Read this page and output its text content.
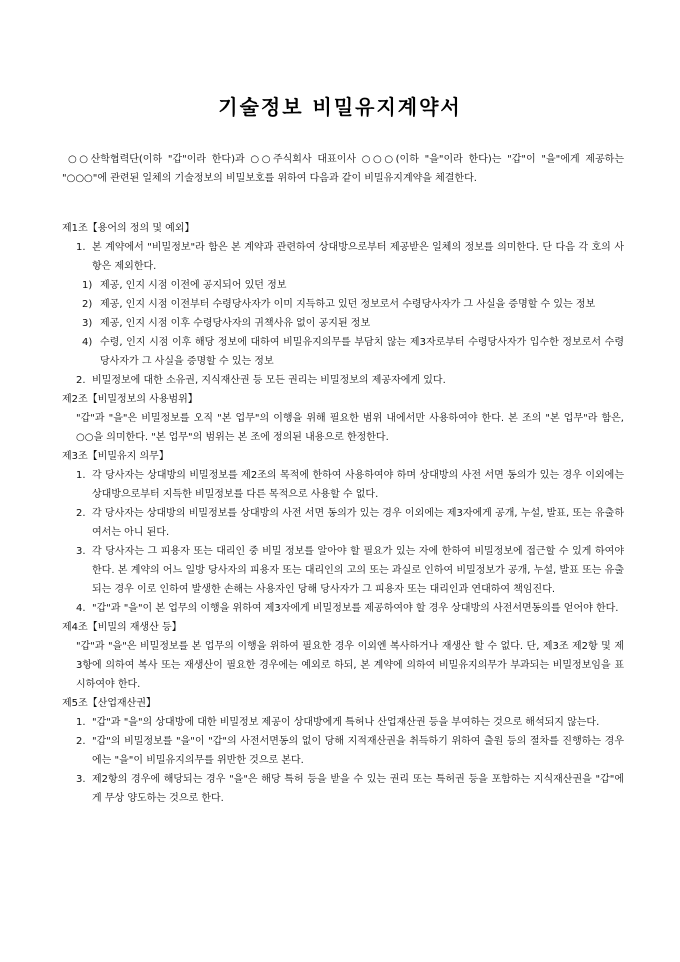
기술정보 비밀유지계약서
○○산학협력단(이하 "갑"이라 한다)과 ○○주식회사 대표이사 ○○○(이하 "을"이라 한다)는 "갑"이 "을"에게 제공하는 "○○○"에 관련된 일체의 기술정보의 비밀보호를 위하여 다음과 같이 비밀유지계약을 체결한다.
제1조【용어의 정의 및 예외】
1. 본 계약에서 "비밀정보"라 함은 본 계약과 관련하여 상대방으로부터 제공받은 일체의 정보를 의미한다. 단 다음 각 호의 사항은 제외한다.
1) 제공, 인지 시점 이전에 공지되어 있던 정보
2) 제공, 인지 시점 이전부터 수령당사자가 이미 지득하고 있던 정보로서 수령당사자가 그 사실을 증명할 수 있는 정보
3) 제공, 인지 시점 이후 수령당사자의 귀책사유 없이 공지된 정보
4) 수령, 인지 시점 이후 해당 정보에 대하여 비밀유지의무를 부담치 않는 제3자로부터 수령당사자가 입수한 정보로서 수령당사자가 그 사실을 증명할 수 있는 정보
2. 비밀정보에 대한 소유권, 지식재산권 등 모든 권리는 비밀정보의 제공자에게 있다.
제2조【비밀정보의 사용범위】
"갑"과 "을"은 비밀정보를 오직 "본 업무"의 이행을 위해 필요한 범위 내에서만 사용하여야 한다. 본 조의 "본 업무"라 함은, ○○을 의미한다. "본 업무"의 범위는 본 조에 정의된 내용으로 한정한다.
제3조【비밀유지 의무】
1. 각 당사자는 상대방의 비밀정보를 제2조의 목적에 한하여 사용하여야 하며 상대방의 사전 서면 동의가 있는 경우 이외에는 상대방으로부터 지득한 비밀정보를 다른 목적으로 사용할 수 없다.
2. 각 당사자는 상대방의 비밀정보를 상대방의 사전 서면 동의가 있는 경우 이외에는 제3자에게 공개, 누설, 발표, 또는 유출하여서는 아니 된다.
3. 각 당사자는 그 피용자 또는 대리인 중 비밀 정보를 알아야 할 필요가 있는 자에 한하여 비밀정보에 접근할 수 있게 하여야 한다. 본 계약의 어느 일방 당사자의 피용자 또는 대리인의 고의 또는 과실로 인하여 비밀정보가 공개, 누설, 발표 또는 유출되는 경우 이로 인하여 발생한 손해는 사용자인 당해 당사자가 그 피용자 또는 대리인과 연대하여 책임진다.
4. "갑"과 "을"이 본 업무의 이행을 위하여 제3자에게 비밀정보를 제공하여야 할 경우 상대방의 사전서면동의를 얻어야 한다.
제4조【비밀의 재생산 등】
"갑"과 "을"은 비밀정보를 본 업무의 이행을 위하여 필요한 경우 이외엔 복사하거나 재생산 할 수 없다. 단, 제3조 제2항 및 제3항에 의하여 복사 또는 재생산이 필요한 경우에는 예외로 하되, 본 계약에 의하여 비밀유지의무가 부과되는 비밀정보임을 표시하여야 한다.
제5조【산업재산권】
1. "갑"과 "을"의 상대방에 대한 비밀정보 제공이 상대방에게 특허나 산업재산권 등을 부여하는 것으로 해석되지 않는다.
2. "갑"의 비밀정보를 "을"이 "갑"의 사전서면동의 없이 당해 지적재산권을 취득하기 위하여 출원 등의 절차를 진행하는 경우에는 "을"이 비밀유지의무를 위반한 것으로 본다.
3. 제2항의 경우에 해당되는 경우 "을"은 해당 특허 등을 받을 수 있는 권리 또는 특허권 등을 포함하는 지식재산권을 "갑"에게 무상 양도하는 것으로 한다.
